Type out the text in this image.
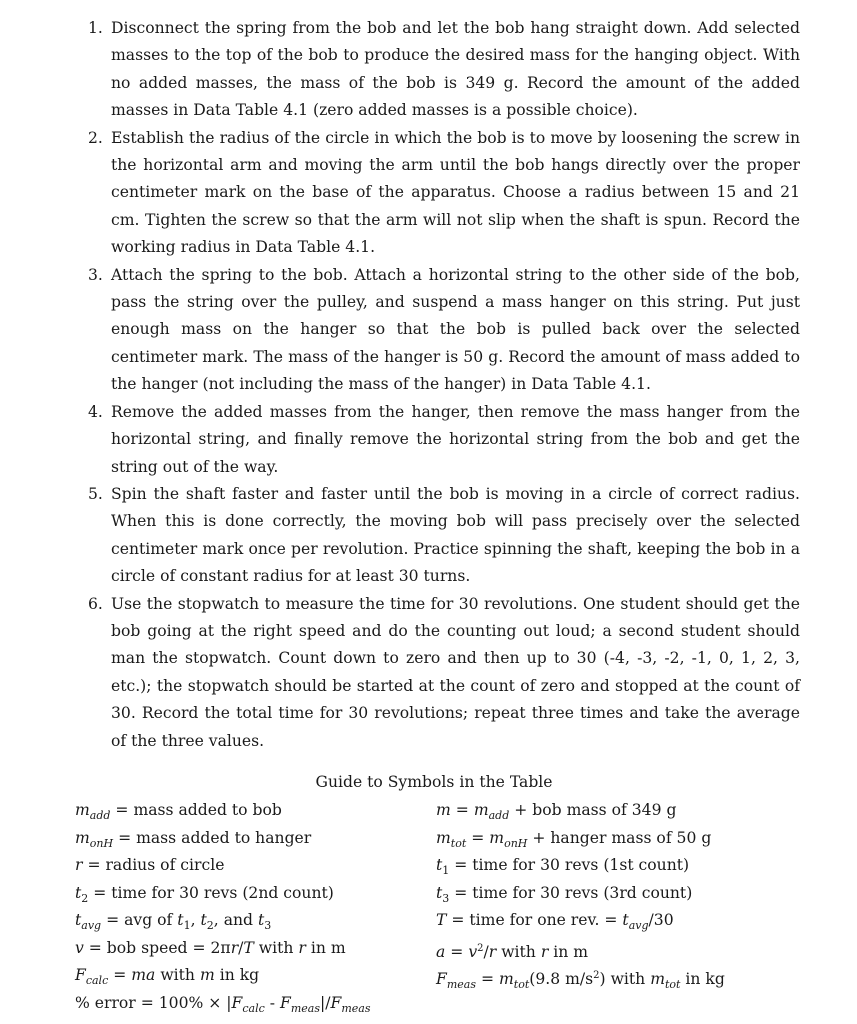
1. Disconnect the spring from the bob and let the bob hang straight down. Add selected masses to the top of the bob to produce the desired mass for the hanging object. With no added masses, the mass of the bob is 349 g. Record the amount of the added masses in Data Table 4.1 (zero added masses is a possible choice).
2. Establish the radius of the circle in which the bob is to move by loosening the screw in the horizontal arm and moving the arm until the bob hangs directly over the proper centimeter mark on the base of the apparatus. Choose a radius between 15 and 21 cm. Tighten the screw so that the arm will not slip when the shaft is spun. Record the working radius in Data Table 4.1.
3. Attach the spring to the bob. Attach a horizontal string to the other side of the bob, pass the string over the pulley, and suspend a mass hanger on this string. Put just enough mass on the hanger so that the bob is pulled back over the selected centimeter mark. The mass of the hanger is 50 g. Record the amount of mass added to the hanger (not including the mass of the hanger) in Data Table 4.1.
4. Remove the added masses from the hanger, then remove the mass hanger from the horizontal string, and finally remove the horizontal string from the bob and get the string out of the way.
5. Spin the shaft faster and faster until the bob is moving in a circle of correct radius. When this is done correctly, the moving bob will pass precisely over the selected centimeter mark once per revolution. Practice spinning the shaft, keeping the bob in a circle of constant radius for at least 30 turns.
6. Use the stopwatch to measure the time for 30 revolutions. One student should get the bob going at the right speed and do the counting out loud; a second student should man the stopwatch. Count down to zero and then up to 30 (-4, -3, -2, -1, 0, 1, 2, 3, etc.); the stopwatch should be started at the count of zero and stopped at the count of 30. Record the total time for 30 revolutions; repeat three times and take the average of the three values.
Guide to Symbols in the Table
$m_{add}$ = mass added to bob	$m = m_{add}$ + bob mass of 349 g
$m_{onH}$ = mass added to hanger	$m_{tot} = m_{onH}$ + hanger mass of 50 g
r = radius of circle	$t_1$ = time for 30 revs (1st count)
$t_2$ = time for 30 revs (2nd count)	$t_3$ = time for 30 revs (3rd count)
$t_{avg}$ = avg of $t_1$, $t_2$, and $t_3$	T = time for one rev. = $t_{avg}/30$
v = bob speed = 2πr/T with r in m	$a = v^2/r$ with r in m
$F_{calc}$ = ma with m in kg	$F_{meas} = m_{tot}(9.8$ $m/s^2$) with $m_{tot}$ in kg
% error = $100\% \times |F_{calc} - F_{meas}|/F_{meas}$
